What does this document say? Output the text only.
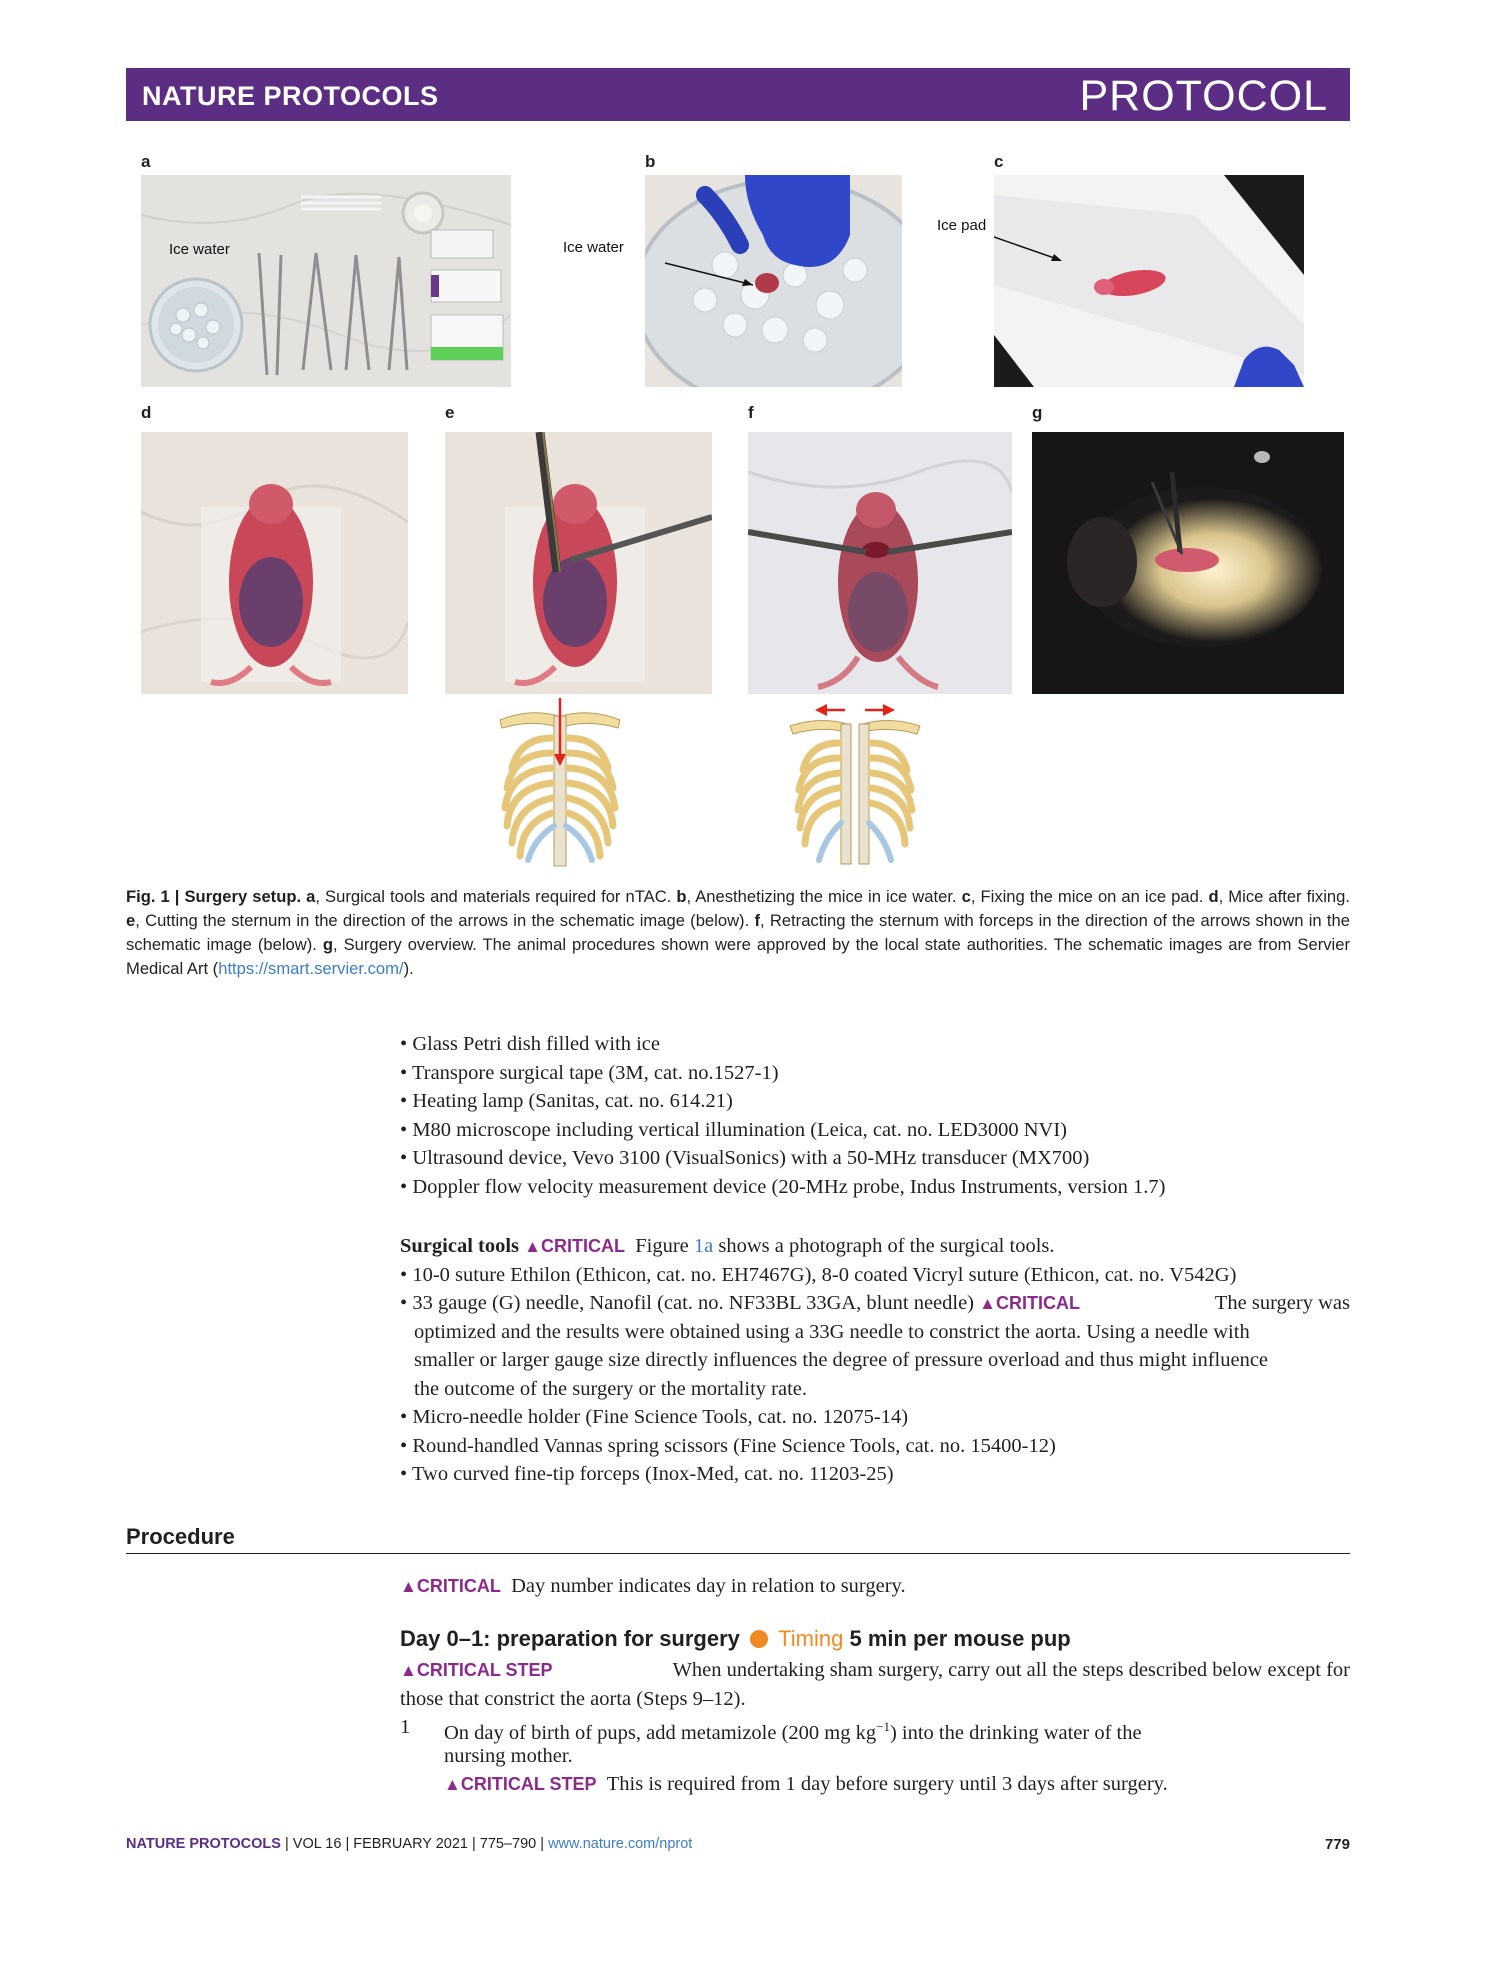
NATURE PROTOCOLS	PROTOCOL
a	b	c
d	e	f	g
Ice water	Ice water
Ice pad
Fig. 1 | Surgery setup. a, Surgical tools and materials required for nTAC. b, Anesthetizing the mice in ice water. c, Fixing the mice on an ice pad. d, Mice after fixing. e, Cutting the sternum in the direction of the arrows in the schematic image (below). f, Retracting the sternum with forceps in the direction of the arrows shown in the schematic image (below). g, Surgery overview. The animal procedures shown were approved by the local state authorities. The schematic images are from Servier Medical Art (https://smart.servier.com/).
• Glass Petri dish filled with ice
• Transpore surgical tape (3M, cat. no.1527-1)
• Heating lamp (Sanitas, cat. no. 614.21)
• M80 microscope including vertical illumination (Leica, cat. no. LED3000 NVI)
• Ultrasound device, Vevo 3100 (VisualSonics) with a 50-MHz transducer (MX700)
• Doppler flow velocity measurement device (20-MHz probe, Indus Instruments, version 1.7)
Surgical tools ▲CRITICAL Figure 1a shows a photograph of the surgical tools.
• 10-0 suture Ethilon (Ethicon, cat. no. EH7467G), 8-0 coated Vicryl suture (Ethicon, cat. no. V542G)
• 33 gauge (G) needle, Nanofil (cat. no. NF33BL 33GA, blunt needle) ▲CRITICAL	The surgery was
optimized and the results were obtained using a 33G needle to constrict the aorta. Using a needle with
smaller or larger gauge size directly influences the degree of pressure overload and thus might influence
the outcome of the surgery or the mortality rate.
• Micro-needle holder (Fine Science Tools, cat. no. 12075-14)
• Round-handled Vannas spring scissors (Fine Science Tools, cat. no. 15400-12)
• Two curved fine-tip forceps (Inox-Med, cat. no. 11203-25)
Procedure
▲CRITICAL Day number indicates day in relation to surgery.
Day 0–1: preparation for surgery Timing 5 min per mouse pup
▲CRITICAL STEP	When undertaking sham surgery, carry out all the steps described below except for
those that constrict the aorta (Steps 9–12).
1 On day of birth of pups, add metamizole (200 mg $kg^{-1}$) into the drinking water of the
nursing mother.
▲CRITICAL STEP This is required from 1 day before surgery until 3 days after surgery.
NATURE PROTOCOLS | VOL 16 | FEBRUARY 2021 | 775–790 | www.nature.com/nprot	779
